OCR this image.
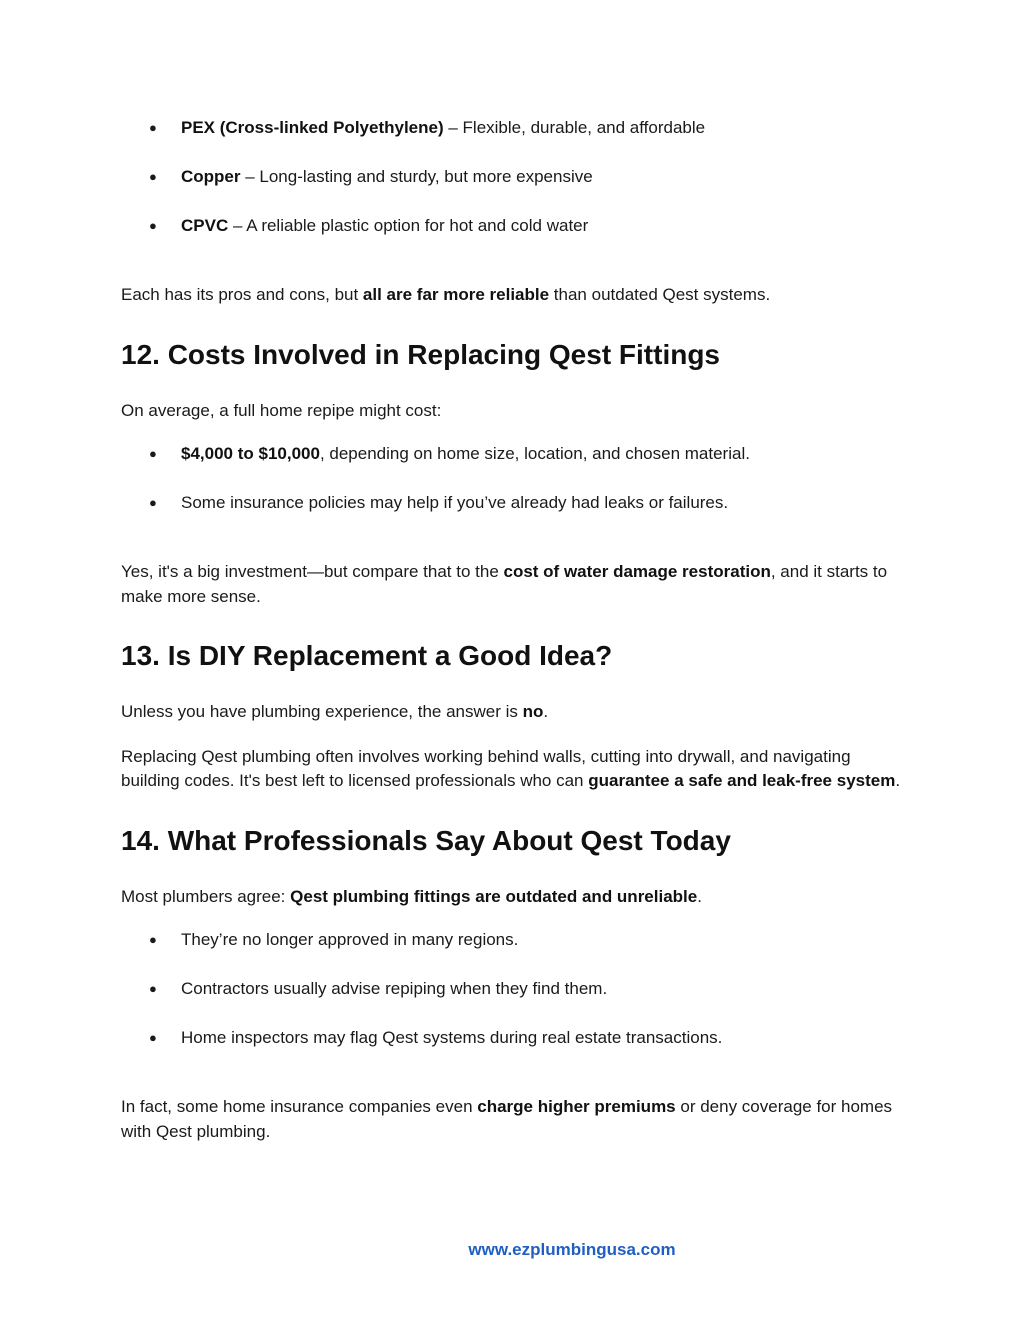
● PEX (Cross-linked Polyethylene) – Flexible, durable, and affordable
● Copper – Long-lasting and sturdy, but more expensive
● CPVC – A reliable plastic option for hot and cold water

Each has its pros and cons, but all are far more reliable than outdated Qest systems.

12. Costs Involved in Replacing Qest Fittings

On average, a full home repipe might cost:

● $4,000 to $10,000, depending on home size, location, and chosen material.
● Some insurance policies may help if you’ve already had leaks or failures.

Yes, it's a big investment—but compare that to the cost of water damage restoration, and it starts to make more sense.

13. Is DIY Replacement a Good Idea?

Unless you have plumbing experience, the answer is no.

Replacing Qest plumbing often involves working behind walls, cutting into drywall, and navigating building codes. It's best left to licensed professionals who can guarantee a safe and leak-free system.

14. What Professionals Say About Qest Today

Most plumbers agree: Qest plumbing fittings are outdated and unreliable.

● They’re no longer approved in many regions.
● Contractors usually advise repiping when they find them.
● Home inspectors may flag Qest systems during real estate transactions.

In fact, some home insurance companies even charge higher premiums or deny coverage for homes with Qest plumbing.

www.ezplumbingusa.com
